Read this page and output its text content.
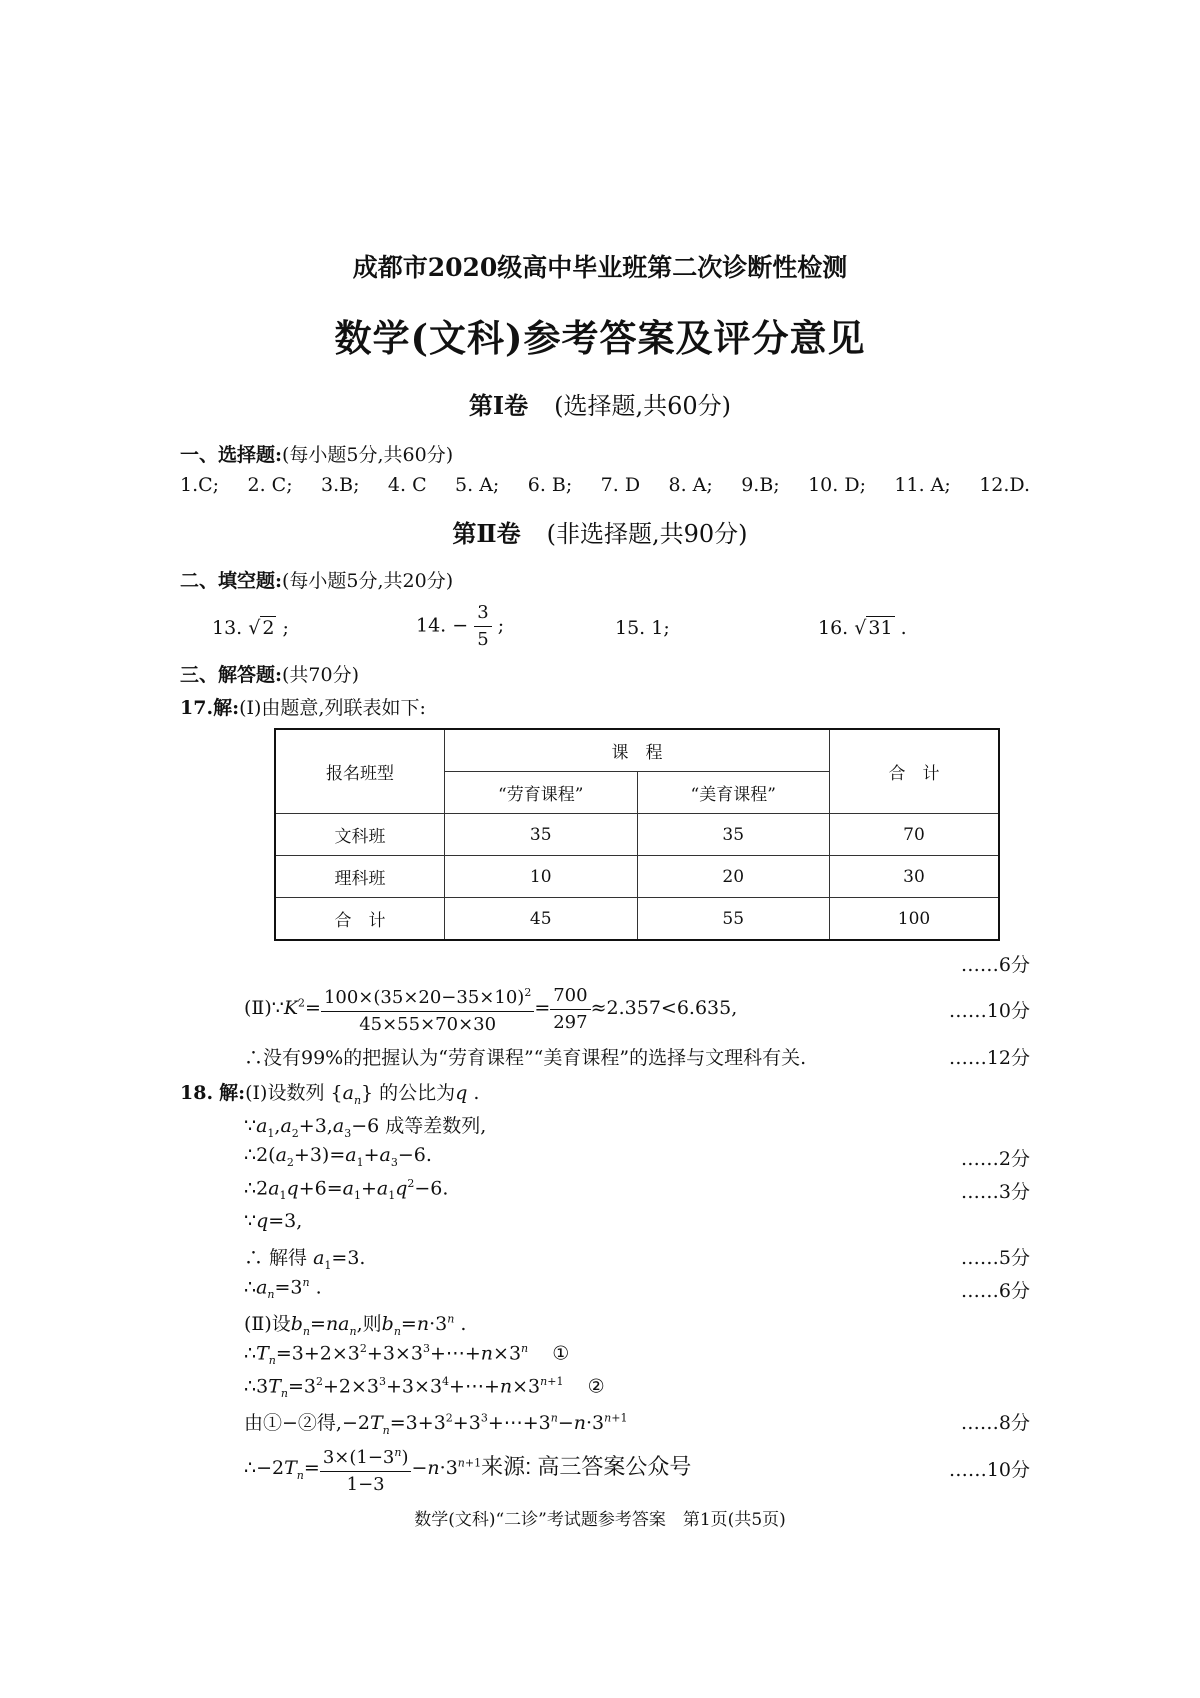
成都市2020级高中毕业班第二次诊断性检测
数学(文科)参考答案及评分意见
第Ⅰ卷 (选择题,共60分)
一、选择题:(每小题5分,共60分)
1.C; 2. C; 3.B; 4. C 5. A; 6. B; 7. D 8. A; 9.B; 10. D; 11. A; 12.D.
第Ⅱ卷 (非选择题,共90分)
二、填空题:(每小题5分,共20分)
13. √ 2 ;	14. − $\frac{3}{5}$ ;	15. 1;	16. √ 31 .
三、解答题:(共70分)
17.解:(Ⅰ)由题意,列联表如下:
报名班型	课　程		合　计
	“劳育课程”	“美育课程”	
文科班	35	35	70
理科班	10	20	30
合　计	45	55	100
……6分
$(Ⅱ)\because K^2= \frac{100\times(35\times 20-35\times 10)^2}{45\times 55\times 70\times 30} = \frac{700}{297} \approx 2.357<6.635$,	……10分
∴没有99%的把握认为“劳育课程”“美育课程”的选择与文理科有关.	……12分
18. 解:(Ⅰ)设数列 $\{a_n\}$ 的公比为q .
$\because a_1,a_2+3,a_3-6$ 成等差数列,
$\therefore 2(a_2+3)=a_1+a_3-6$.	……2分
$\therefore 2a_1q+6=a_1+a_1q^2-6$.	……3分
∵q=3,
∴ 解得 $a_1=3$.	……5分
$\therefore a_n=3^n$ .	……6分
(Ⅱ)设$b_n=na_n$,则$b_n=n\cdot 3^n$ .
$\therefore T_n=3+2\times 3^2+3\times 3^3+\cdots+n\times 3^n$    ①
$\therefore 3T_n=3^2+2\times 3^3+3\times 3^4+\cdots+n\times 3^{n+1}$    ②
由①−②得$,-2T_n=3+3^2+3^3+\cdots+3^n-n\cdot 3^{n+1}$	……8分
$\therefore-2T_n= \frac{3\times(1-3^n)}{1-3} -n\cdot 3^{n+1}$来源: 高三答案公众号	……10分
数学(文科)“二诊”考试题参考答案　第1页(共5页)
